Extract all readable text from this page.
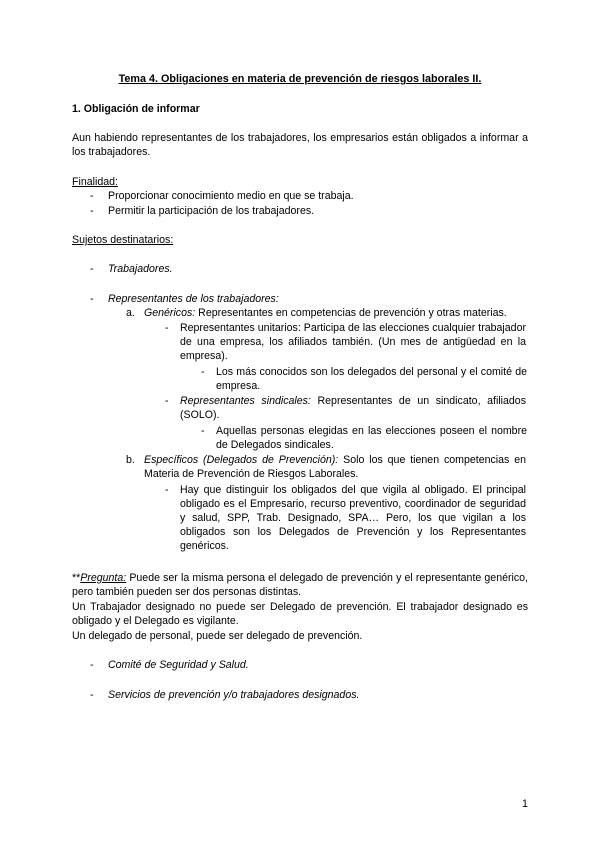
Tema 4. Obligaciones en materia de prevención de riesgos laborales II.
1. Obligación de informar
Aun habiendo representantes de los trabajadores, los empresarios están obligados a informar a los trabajadores.
Finalidad:
- Proporcionar conocimiento medio en que se trabaja.
- Permitir la participación de los trabajadores.
Sujetos destinatarios:
- Trabajadores.
- Representantes de los trabajadores:
a. Genéricos: Representantes en competencias de prevención y otras materias.
- Representantes unitarios: Participa de las elecciones cualquier trabajador de una empresa, los afiliados también. (Un mes de antigüedad en la empresa).
- Los más conocidos son los delegados del personal y el comité de empresa.
- Representantes sindicales: Representantes de un sindicato, afiliados (SOLO).
- Aquellas personas elegidas en las elecciones poseen el nombre de Delegados sindicales.
b. Específicos (Delegados de Prevención): Solo los que tienen competencias en Materia de Prevención de Riesgos Laborales.
- Hay que distinguir los obligados del que vigila al obligado. El principal obligado es el Empresario, recurso preventivo, coordinador de seguridad y salud, SPP, Trab. Designado, SPA… Pero, los que vigilan a los obligados son los Delegados de Prevención y los Representantes genéricos.
**Pregunta: Puede ser la misma persona el delegado de prevención y el representante genérico, pero también pueden ser dos personas distintas.
Un Trabajador designado no puede ser Delegado de prevención. El trabajador designado es obligado y el Delegado es vigilante.
Un delegado de personal, puede ser delegado de prevención.
- Comité de Seguridad y Salud.
- Servicios de prevención y/o trabajadores designados.
1
